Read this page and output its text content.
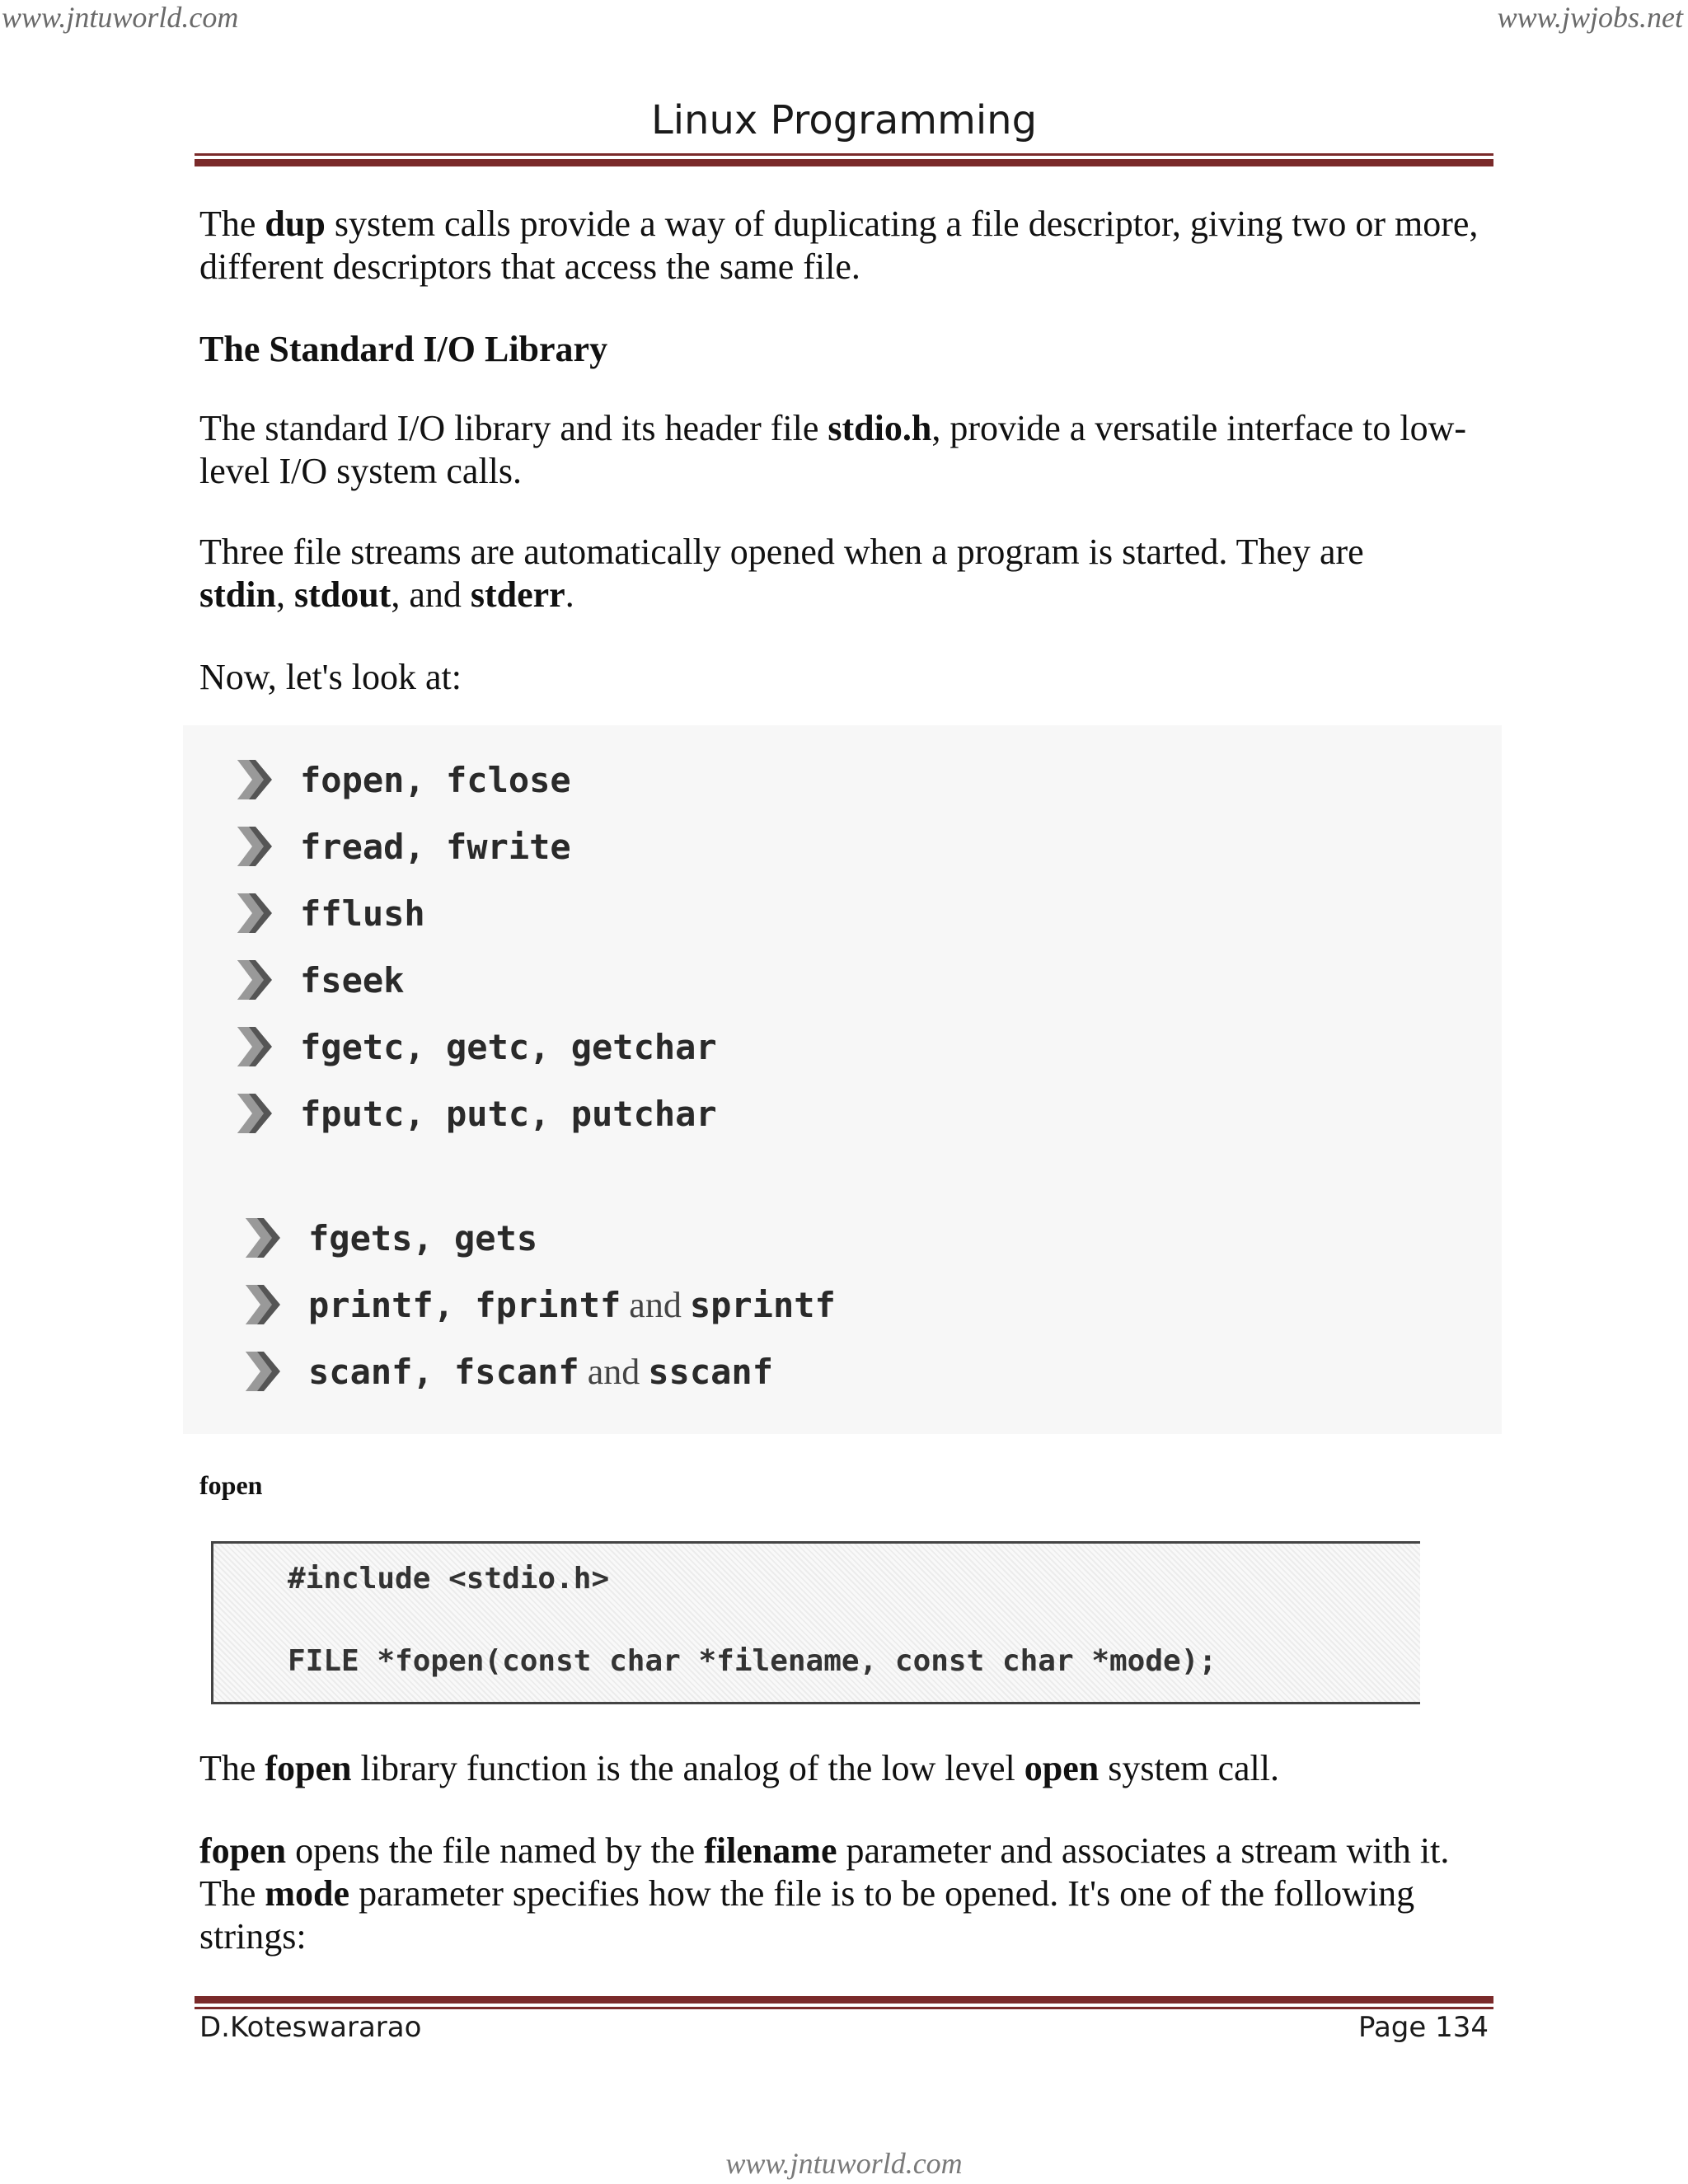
www.jntuworld.com	www.jwjobs.net
Linux Programming
The dup system calls provide a way of duplicating a file descriptor, giving two or more, different descriptors that access the same file.
The Standard I/O Library
The standard I/O library and its header file stdio.h, provide a versatile interface to low-level I/O system calls.
Three file streams are automatically opened when a program is started. They are stdin, stdout, and stderr.
Now, let's look at:
fopen, fclose
fread, fwrite
fflush
fseek
fgetc, getc, getchar
fputc, putc, putchar
fgets, gets
printf, fprintf and sprintf
scanf, fscanf and sscanf
fopen
#include <stdio.h>
FILE *fopen(const char *filename, const char *mode);
The fopen library function is the analog of the low level open system call.
fopen opens the file named by the filename parameter and associates a stream with it. The mode parameter specifies how the file is to be opened. It's one of the following strings:
D.Koteswararao	Page 134
www.jntuworld.com
